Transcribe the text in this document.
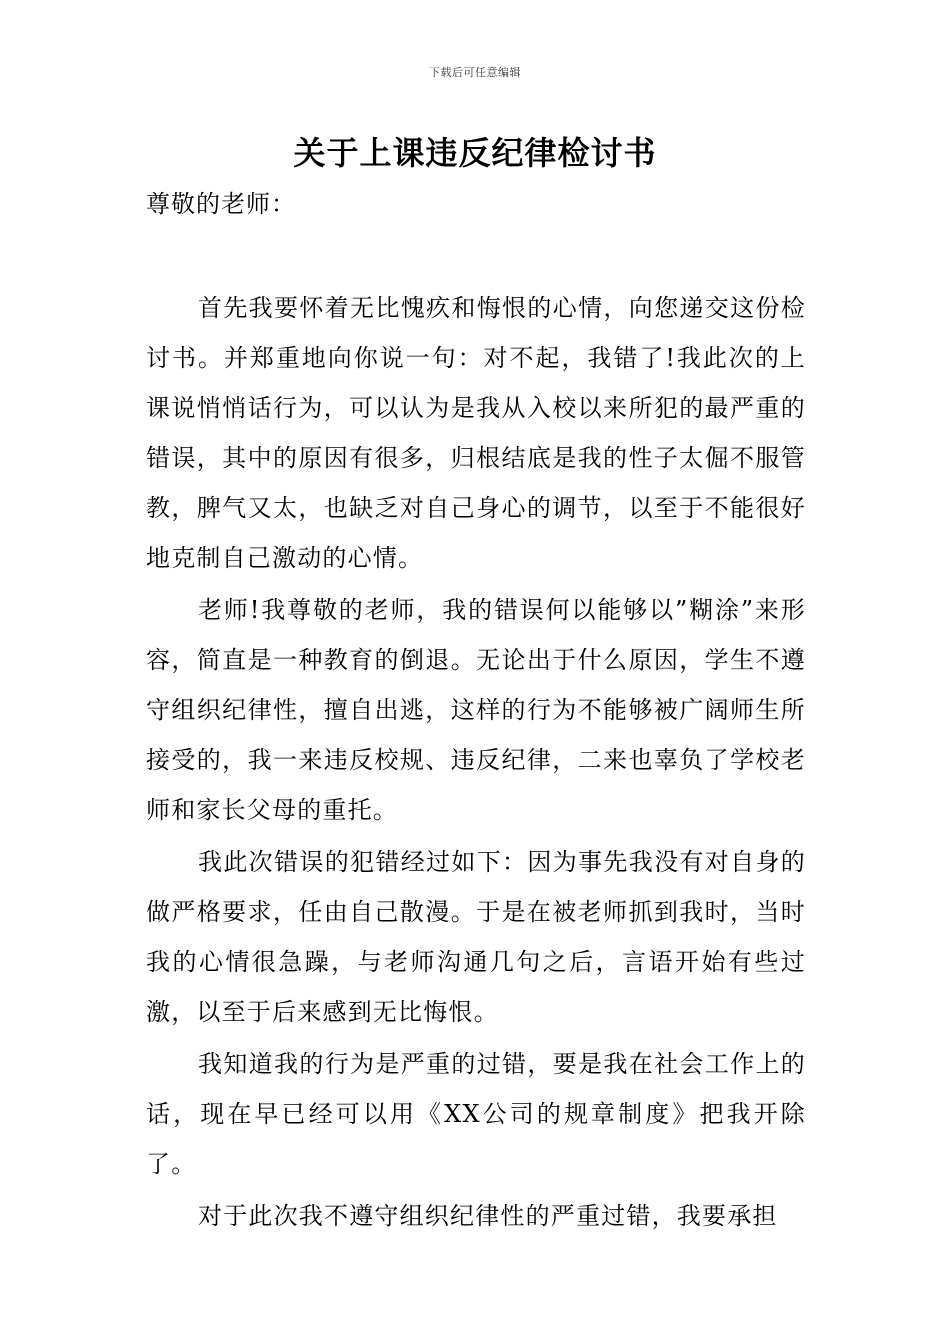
下载后可任意编辑
关于上课违反纪律检讨书

尊敬的老师：

首先我要怀着无比愧疚和悔恨的心情，向您递交这份检讨书。并郑重地向你说一句：对不起，我错了!我此次的上课说悄悄话行为，可以认为是我从入校以来所犯的最严重的错误，其中的原因有很多，归根结底是我的性子太倔不服管教，脾气又太，也缺乏对自己身心的调节，以至于不能很好地克制自己激动的心情。

老师!我尊敬的老师，我的错误何以能够以”糊涂”来形容，简直是一种教育的倒退。无论出于什么原因，学生不遵守组织纪律性，擅自出逃，这样的行为不能够被广阔师生所接受的，我一来违反校规、违反纪律，二来也辜负了学校老师和家长父母的重托。

我此次错误的犯错经过如下：因为事先我没有对自身的做严格要求，任由自己散漫。于是在被老师抓到我时，当时我的心情很急躁，与老师沟通几句之后，言语开始有些过激，以至于后来感到无比悔恨。

我知道我的行为是严重的过错，要是我在社会工作上的话，现在早已经可以用《XX公司的规章制度》把我开除了。

对于此次我不遵守组织纪律性的严重过错，我要承担
